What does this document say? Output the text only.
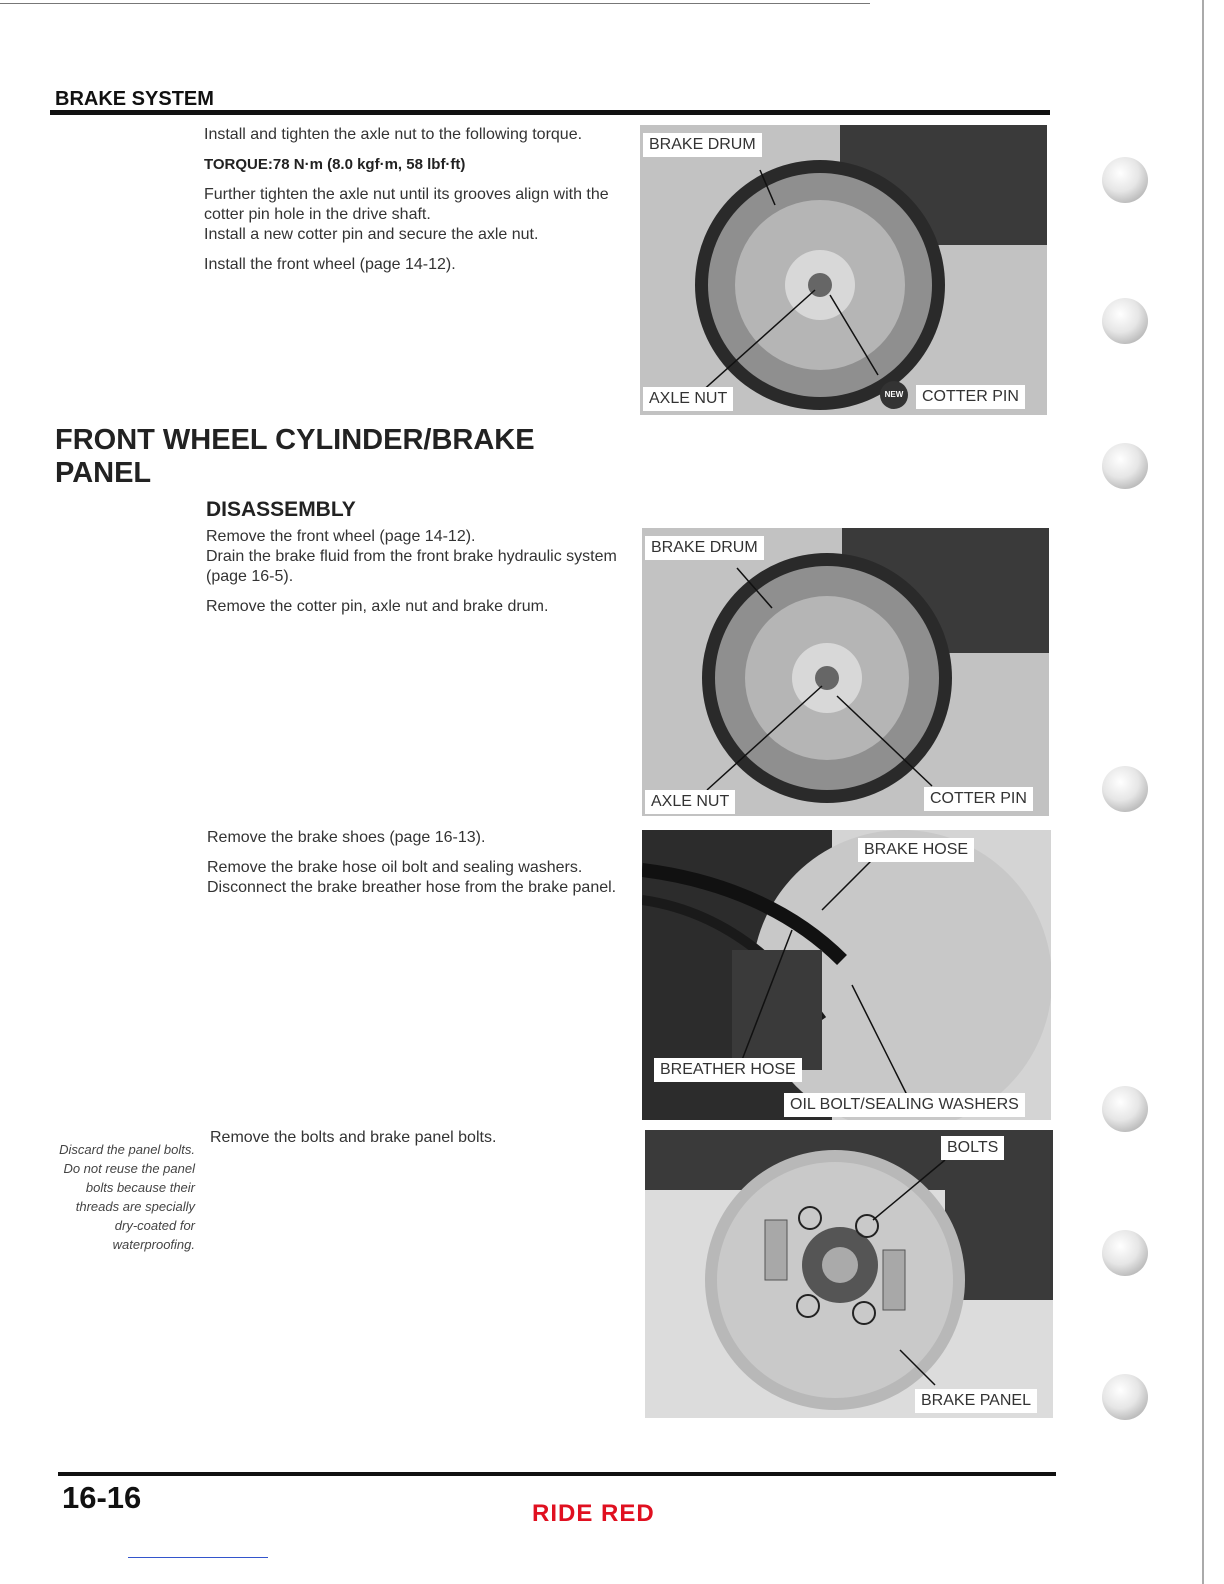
BRAKE SYSTEM

Install and tighten the axle nut to the following torque.

TORQUE:78 N·m (8.0 kgf·m, 58 lbf·ft)

Further tighten the axle nut until its grooves align with the cotter pin hole in the drive shaft.

Install a new cotter pin and secure the axle nut.

Install the front wheel (page 14-12).

BRAKE DRUM
AXLE NUT	NEW	COTTER PIN
FRONT WHEEL CYLINDER/BRAKE PANEL
DISASSEMBLY

Remove the front wheel (page 14-12).

Drain the brake fluid from the front brake hydraulic system (page 16-5).

Remove the cotter pin, axle nut and brake drum.

BRAKE DRUM
AXLE NUT	COTTER PIN

Remove the brake shoes (page 16-13).

Remove the brake hose oil bolt and sealing washers.

Disconnect the brake breather hose from the brake panel.

BRAKE HOSE
BREATHER HOSE
OIL BOLT/SEALING WASHERS
Discard the panel bolts. Do not reuse the panel bolts because their threads are specially dry-coated for waterproofing.

Remove the bolts and brake panel bolts.

BOLTS
BRAKE PANEL
16-16	RIDE RED
